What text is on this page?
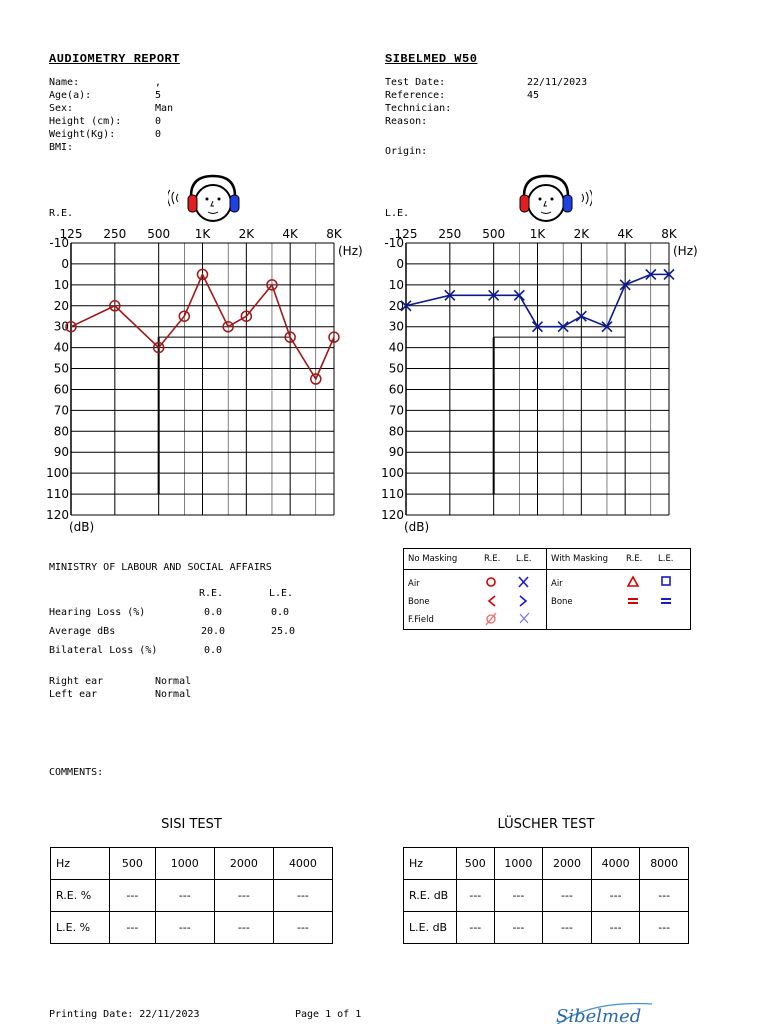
AUDIOMETRY REPORT	SIBELMED W50
Name:	,
Age(a):	5
Sex:	Man
Height (cm):	0
Weight(Kg):	0
BMI:
Test Date:	22/11/2023
Reference:	45
Technician:
Reason:
Origin:
R.E.	L.E.
125 250 500 1K 2K 4K 8K
(Hz)
-10
0
10
20
30
40
50
60
70
80
90
100
110
120
(dB)
125 250 500 1K 2K 4K 8K
(Hz)
-10
0
10
20
30
40
50
60
70
80
90
100
110
120
(dB)
No Masking	R.E. L.E. With Masking R.E. L.E.
Air
Bone
F.Field
Air
Bone
MINISTRY OF LABOUR AND SOCIAL AFFAIRS
R.E.	L.E.
Hearing Loss (%)	0.0	0.0
Average dBs	20.0	25.0
Bilateral Loss (%)	0.0
Right ear	Normal
Left ear	Normal
COMMENTS:
SISI TEST
Hz	500	1000	2000	4000
R.E. %	---	---	---	---
L.E. %	---	---	---	---
LÜSCHER TEST
Hz	500	1000	2000	4000	8000
R.E. dB	---	---	---	---	---
L.E. dB	---	---	---	---	---
Printing Date: 22/11/2023	Page 1 of 1	Sibelmed
